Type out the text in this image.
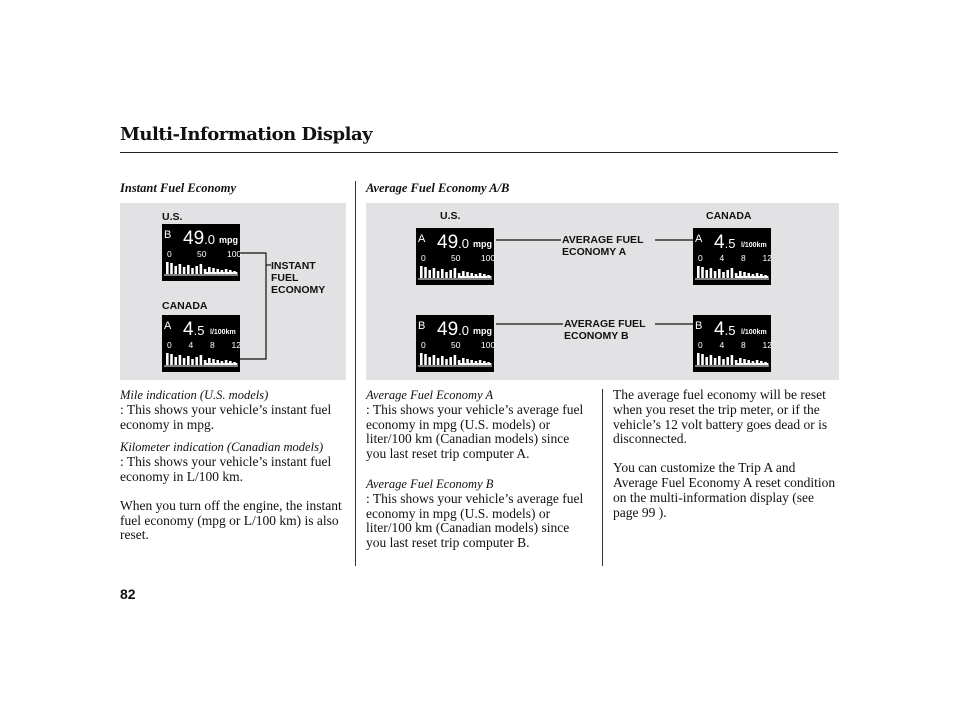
Multi-Information Display
Instant Fuel Economy
U.S.
CANADA
B 49.0 mpg
0	50 100
A 4.5 l/100km
0 4 8 12
INSTANT
FUEL
ECONOMY
Average Fuel Economy A/B
U.S.	CANADA
A 49.0 mpg
0	50 100
B 49.0 mpg
0	50 100
A 4.5 l/100km
0 4 8 12
B 4.5 l/100km
0 4 8 12
AVERAGE FUEL
ECONOMY A
AVERAGE FUEL
ECONOMY B
Mile indication (U.S. models)
: This shows your vehicle’s instant fuel economy in mpg.
Kilometer indication (Canadian models)
: This shows your vehicle’s instant fuel economy in L/100 km.
When you turn off the engine, the instant fuel economy (mpg or L/100 km) is also reset.
Average Fuel Economy A
: This shows your vehicle’s average fuel economy in mpg (U.S. models) or liter/100 km (Canadian models) since you last reset trip computer A.
Average Fuel Economy B
: This shows your vehicle’s average fuel economy in mpg (U.S. models) or liter/100 km (Canadian models) since you last reset trip computer B.
The average fuel economy will be reset when you reset the trip meter, or if the vehicle’s 12 volt battery goes dead or is disconnected.
You can customize the Trip A and Average Fuel Economy A reset condition on the multi-information display (see page 99 ).
82
